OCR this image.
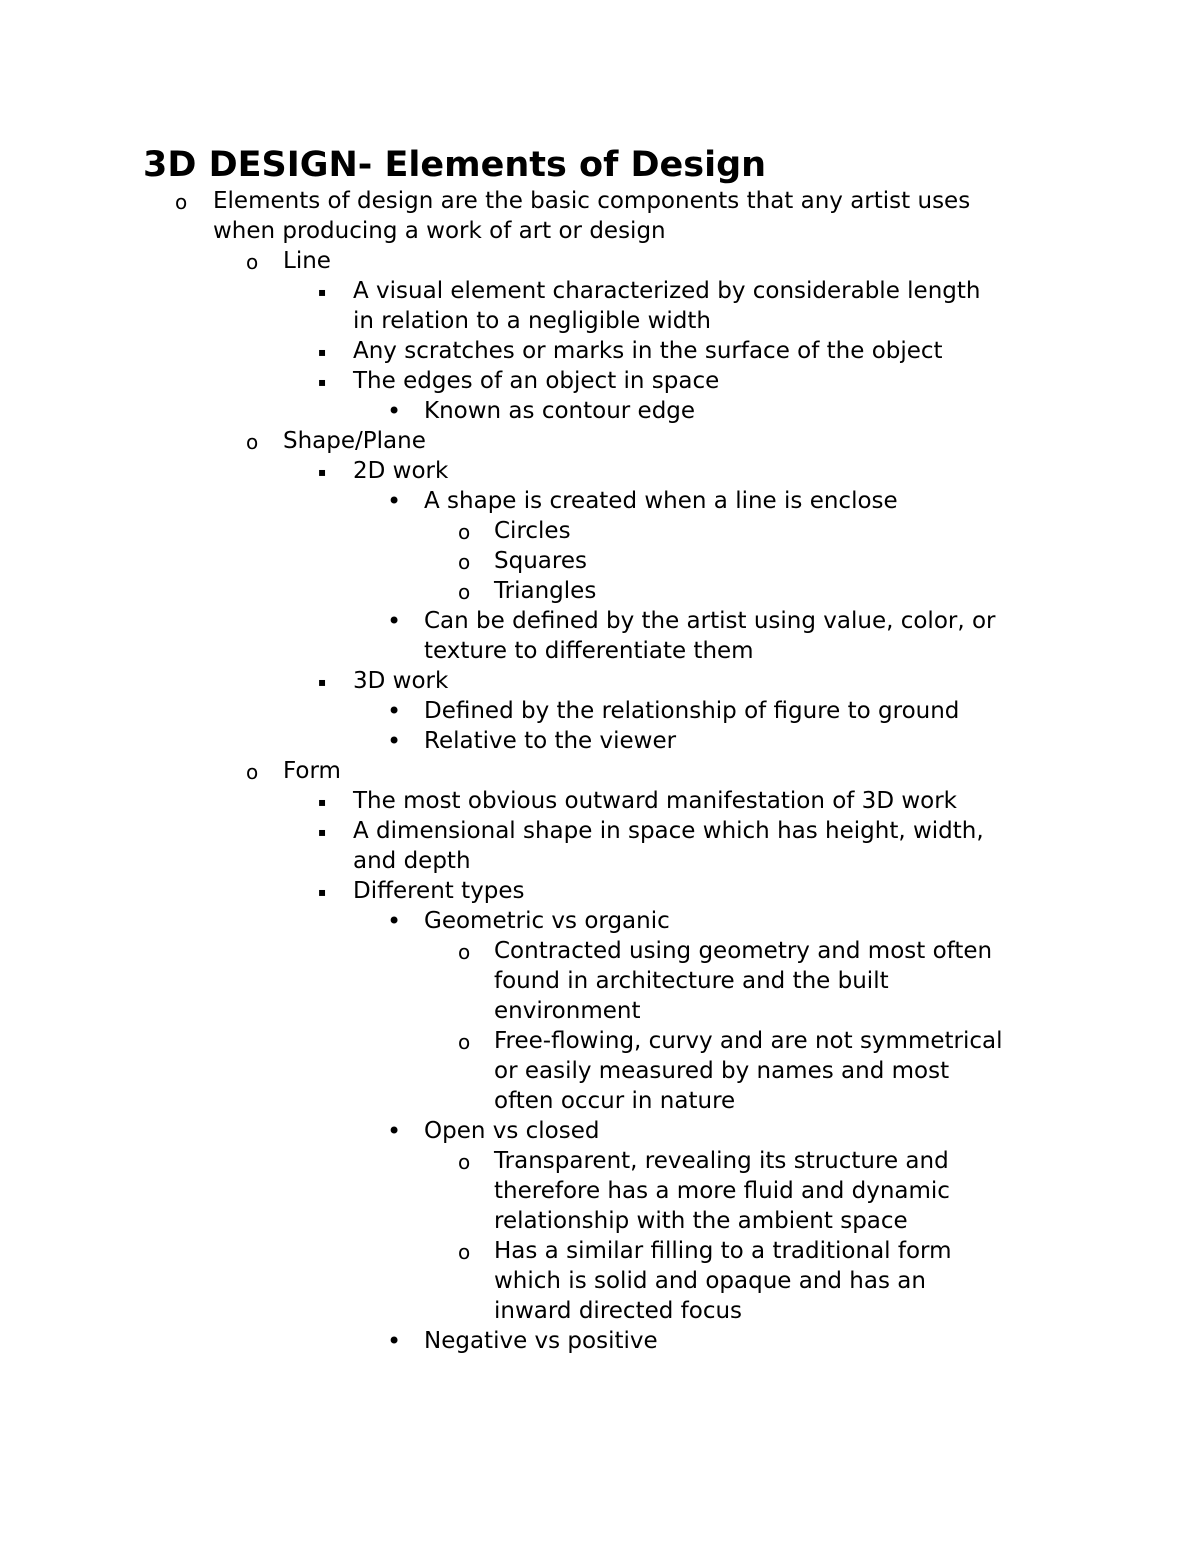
3D DESIGN- Elements of Design
o	Elements of design are the basic components that any artist uses
when producing a work of art or design
o	Line
▪	A visual element characterized by considerable length
in relation to a negligible width
▪	Any scratches or marks in the surface of the object
▪	The edges of an object in space
• Known as contour edge
o	Shape/Plane
▪	2D work
• A shape is created when a line is enclose
o	Circles
o	Squares
o	Triangles
• Can be defined by the artist using value, color, or
texture to differentiate them
▪	3D work
• Defined by the relationship of figure to ground
• Relative to the viewer
o	Form
▪	The most obvious outward manifestation of 3D work
▪	A dimensional shape in space which has height, width,
and depth
▪	Different types
• Geometric vs organic
o	Contracted using geometry and most often
found in architecture and the built
environment
o	Free-flowing, curvy and are not symmetrical
or easily measured by names and most
often occur in nature
• Open vs closed
o	Transparent, revealing its structure and
therefore has a more fluid and dynamic
relationship with the ambient space
o	Has a similar filling to a traditional form
which is solid and opaque and has an
inward directed focus
• Negative vs positive
